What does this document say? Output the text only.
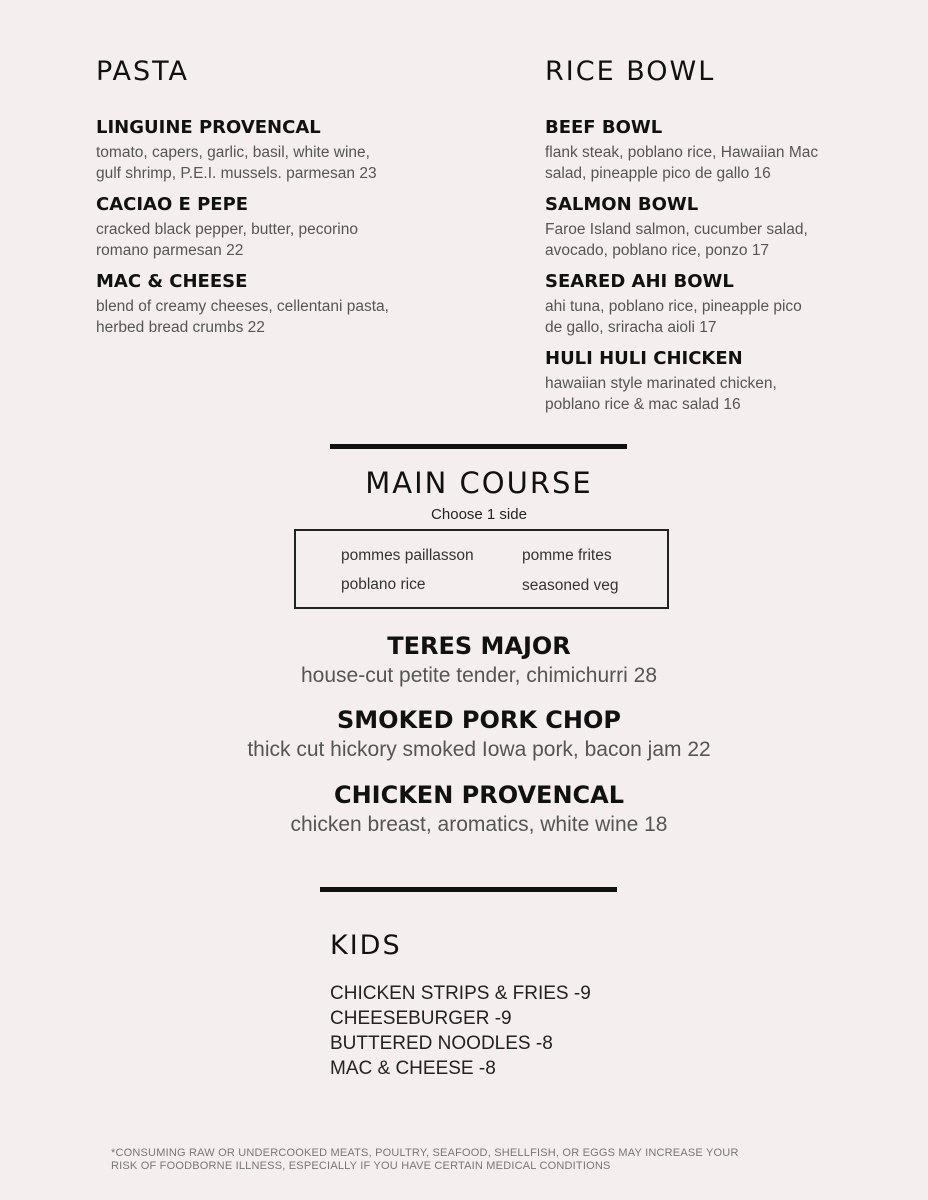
PASTA
LINGUINE PROVENCAL

tomato, capers, garlic, basil, white wine,
gulf shrimp, P.E.I. mussels. parmesan 23

CACIAO E PEPE

cracked black pepper, butter, pecorino
romano parmesan 22

MAC & CHEESE

blend of creamy cheeses, cellentani pasta,
herbed bread crumbs 22

RICE BOWL
BEEF BOWL

flank steak, poblano rice, Hawaiian Mac
salad, pineapple pico de gallo 16

SALMON BOWL

Faroe Island salmon, cucumber salad,
avocado, poblano rice, ponzo 17

SEARED AHI BOWL

ahi tuna, poblano rice, pineapple pico
de gallo, sriracha aioli 17

HULI HULI CHICKEN

hawaiian style marinated chicken,
poblano rice & mac salad 16

MAIN COURSE
Choose 1 side
pommes paillasson	pomme frites
poblano rice	seasoned veg
TERES MAJOR

house-cut petite tender, chimichurri 28

SMOKED PORK CHOP

thick cut hickory smoked Iowa pork, bacon jam 22

CHICKEN PROVENCAL

chicken breast, aromatics, white wine 18

KIDS
CHICKEN STRIPS & FRIES -9
CHEESEBURGER -9
BUTTERED NOODLES -8
MAC & CHEESE -8
*CONSUMING RAW OR UNDERCOOKED MEATS, POULTRY, SEAFOOD, SHELLFISH, OR EGGS MAY INCREASE YOUR
RISK OF FOODBORNE ILLNESS, ESPECIALLY IF YOU HAVE CERTAIN MEDICAL CONDITIONS
